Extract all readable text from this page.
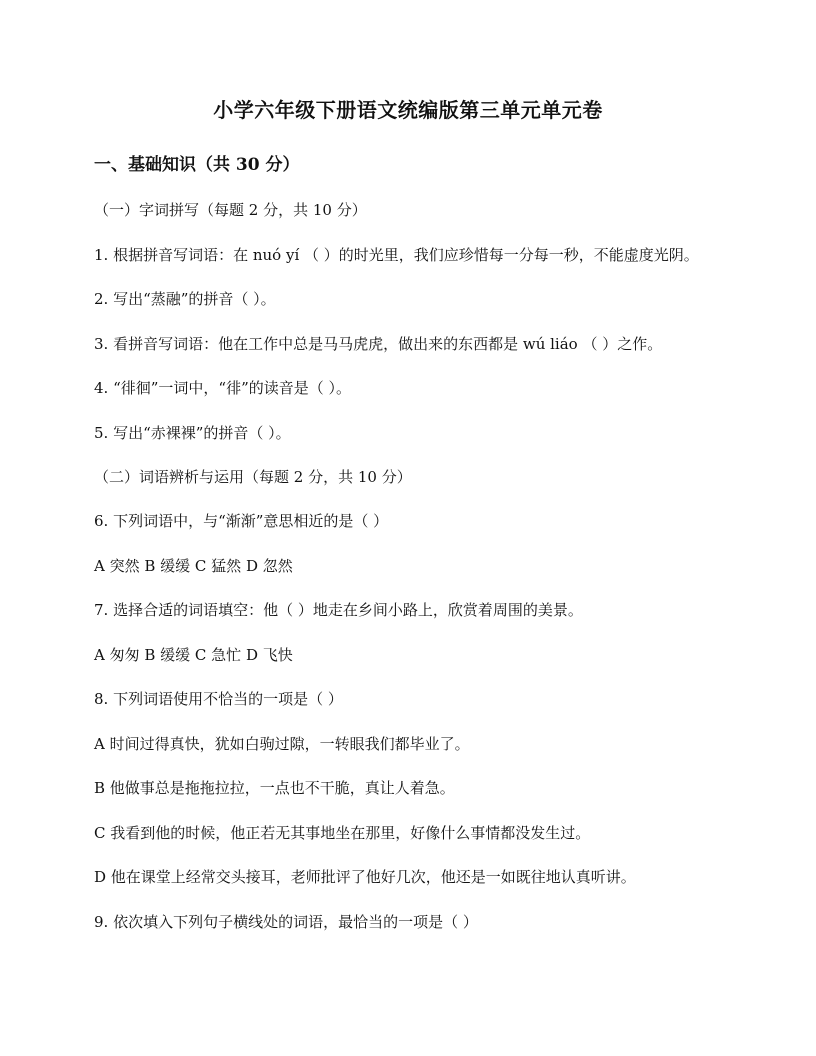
小学六年级下册语文统编版第三单元单元卷
一、基础知识（共 30 分）
（一）字词拼写（每题 2 分，共 10 分）
1. 根据拼音写词语：在 nuó yí （ ）的时光里，我们应珍惜每一分每一秒，不能虚度光阴。
2. 写出“蒸融”的拼音（ ）。
3. 看拼音写词语：他在工作中总是马马虎虎，做出来的东西都是 wú liáo （ ）之作。
4. “徘徊”一词中，“徘”的读音是（ ）。
5. 写出“赤裸裸”的拼音（ ）。
（二）词语辨析与运用（每题 2 分，共 10 分）
6. 下列词语中，与“渐渐”意思相近的是（ ）
A 突然 B 缓缓 C 猛然 D 忽然
7. 选择合适的词语填空：他（ ）地走在乡间小路上，欣赏着周围的美景。
A 匆匆 B 缓缓 C 急忙 D 飞快
8. 下列词语使用不恰当的一项是（ ）
A 时间过得真快，犹如白驹过隙，一转眼我们都毕业了。
B 他做事总是拖拖拉拉，一点也不干脆，真让人着急。
C 我看到他的时候，他正若无其事地坐在那里，好像什么事情都没发生过。
D 他在课堂上经常交头接耳，老师批评了他好几次，他还是一如既往地认真听讲。
9. 依次填入下列句子横线处的词语，最恰当的一项是（ ）
